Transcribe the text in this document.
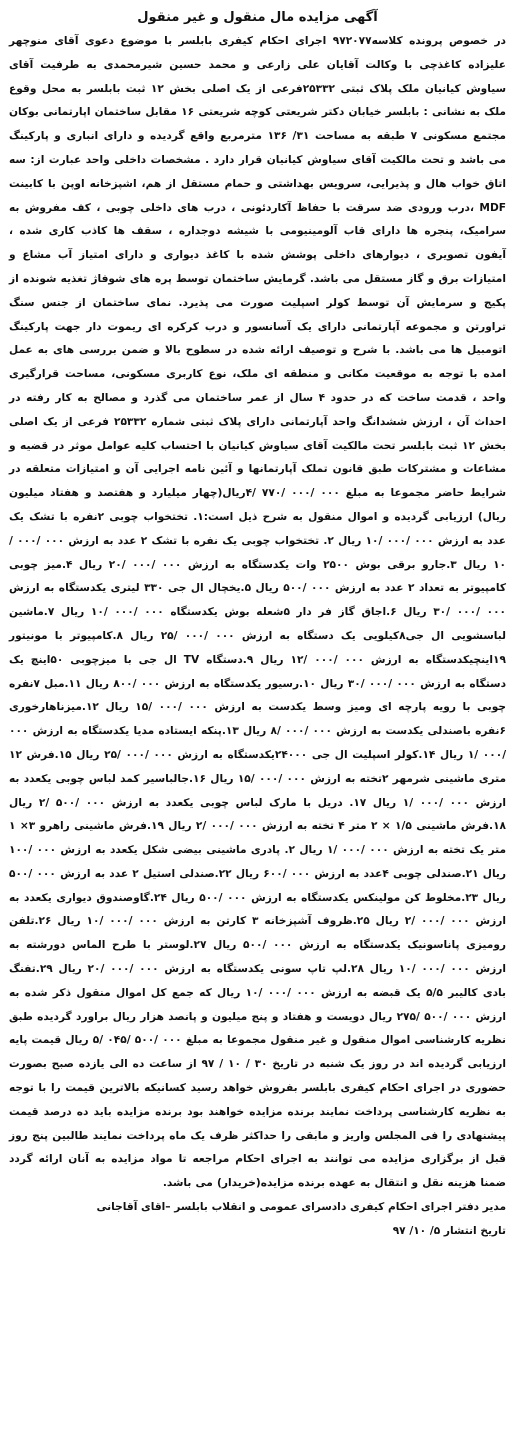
آگهی مزایده مال منقول و غیر منقول
در خصوص پرونده کلاسه۹۷۲۰۷۷ اجرای احکام کیفری بابلسر با موضوع دعوی آقای منوچهر علیزاده کاغذچی با وکالت آقایان علی زارعی و محمد حسین شیرمحمدی به طرفیت آقای سیاوش کیانیان ملک پلاک ثبتی ۲۵۳۳۲فرعی از یک اصلی بخش ۱۲ ثبت بابلسر به محل وقوع ملک به نشانی : بابلسر خیابان دکتر شریعتی کوچه شریعتی ۱۶ مقابل ساختمان اپارتمانی بوکان مجتمع مسکونی ۷ طبقه به مساحت ۳۱/ ۱۳۶ مترمربع واقع گردیده و دارای انباری و پارکینگ می باشد و تحت مالکیت آقای سیاوش کیانیان قرار دارد . مشخصات داخلی واحد عبارت از: سه اتاق خواب هال و پذیرایی، سرویس بهداشتی و حمام مستقل از هم، اشپزخانه اوپن با کابینت MDF ،درب ورودی ضد سرقت با حفاظ آکاردئونی ، درب های داخلی چوبی ، کف مفروش به سرامیک، پنجره ها دارای قاب آلومینیومی با شیشه دوجداره ، سقف ها کاذب کاری شده ، آیفون تصویری ، دیوارهای داخلی پوشش شده با کاغذ دیواری و دارای امتیاز آب مشاع و امتیازات برق و گاز مستقل می باشد. گرمایش ساختمان توسط پره های شوفاژ تغذیه شونده از پکیج و سرمایش آن توسط کولر اسپلیت صورت می پذیرد. نمای ساختمان از جنس سنگ تراورتن و مجموعه آپارتمانی دارای یک آسانسور و درب کرکره ای ریموت دار جهت پارکینگ اتومبیل ها می باشد. با شرح و توصیف ارائه شده در سطوح بالا و ضمن بررسی های به عمل امده با توجه به موقعیت مکانی و منطقه ای ملک، نوع کاربری مسکونی، مساحت قرارگیری واحد ، قدمت ساخت که در حدود ۴ سال از عمر ساختمان می گذرد و مصالح به کار رفته در احداث آن ، ارزش ششدانگ واحد آپارتمانی دارای پلاک ثبتی شماره ۲۵۳۳۲ فرعی از یک اصلی بخش ۱۲ ثبت بابلسر تحت مالکیت آقای سیاوش کیانیان با احتساب کلیه عوامل موثر در قضیه و مشاعات و مشترکات طبق قانون تملک آپارتمانها و آئین نامه اجرایی آن و امتیازات متعلقه در شرایط حاضر مجموعا به مبلغ ۰۰۰ /۰۰۰ /۷۷۰ /۴ریال(چهار میلیارد و هفتصد و هفتاد میلیون ریال) ارزیابی گردیده و اموال منقول به شرح ذیل است:۱. تختخواب چوبی ۲نفره با تشک یک عدد به ارزش ۰۰۰ /۰۰۰ /۱۰ ریال ۲. تختخواب چوبی یک نفره با تشک ۲ عدد به ارزش ۰۰۰ /۰۰۰ /۱۰ ریال ۳.جارو برقی بوش ۲۵۰۰ وات یکدستگاه به ارزش ۰۰۰ /۰۰۰ /۲۰ ریال ۴.میز چوبی کامپیوتر به تعداد ۲ عدد به ارزش ۰۰۰ /۵۰۰ ریال ۵.یخچال ال جی ۳۳۰ لیتری یکدستگاه به ارزش ۰۰۰ /۰۰۰ /۳۰ ریال ۶.اجاق گاز فر دار ۵شعله بوش یکدستگاه ۰۰۰ /۰۰۰ /۱۰ ریال ۷.ماشین لباسشویی ال جی۸کیلویی یک دستگاه به ارزش ۰۰۰ /۰۰۰ /۲۵ ریال ۸.کامپیوتر با مونیتور ۱۹اینچیکدستگاه به ارزش ۰۰۰ /۰۰۰ /۱۲ ریال ۹.دستگاه TV ال جی با میزچوبی ۵۰اینچ یک دستگاه به ارزش ۰۰۰ /۰۰۰ /۳۰ ریال ۱۰.رسیور یکدستگاه به ارزش ۰۰۰ /۸۰۰ ریال ۱۱.مبل ۷نفره چوبی با رویه پارچه ای ومیز وسط یکدست به ارزش ۰۰۰ /۰۰۰ /۱۵ ریال ۱۲.میزناهارخوری ۶نفره باصندلی یکدست به ارزش ۰۰۰ /۰۰۰ /۸ ریال ۱۳.پنکه ایستاده مدیا یکدستگاه به ارزش ۰۰۰ /۰۰۰ /۱ ریال ۱۴.کولر اسپلیت ال جی ۲۴۰۰۰یکدستگاه به ارزش ۰۰۰ /۰۰۰ /۲۵ ریال ۱۵.فرش ۱۲ متری ماشینی شرمهر ۲تخته به ارزش ۰۰۰ /۰۰۰ /۱۵ ریال ۱۶.جالباسیر کمد لباس چوبی یکعدد به ارزش ۰۰۰ /۰۰۰ /۱ ریال ۱۷. دریل با مارک لباس چوبی یکعدد به ارزش ۰۰۰ /۵۰۰ /۲ ریال ۱۸.فرش ماشینی ۱/۵ × ۲ متر ۴ تخته به ارزش ۰۰۰ /۰۰۰ /۲ ریال ۱۹.فرش ماشینی راهرو ۳× ۱ متر یک تخته به ارزش ۰۰۰ /۰۰۰ /۱ ریال ۲. پادری ماشینی بیضی شکل یکعدد به ارزش ۰۰۰ /۱۰۰ ریال ۲۱.صندلی چوبی ۴عدد به ارزش ۰۰۰ /۶۰۰ ریال ۲۲.صندلی استیل ۲ عدد به ارزش ۰۰۰ /۵۰۰ ریال ۲۳.مخلوط کن مولینکس یکدستگاه به ارزش ۰۰۰ /۵۰۰ ریال ۲۴.گاوصندوق دیواری یکعدد به ارزش ۰۰۰ /۰۰۰ /۲ ریال ۲۵.ظروف آشپزخانه ۳ کارتن به ارزش ۰۰۰ /۰۰۰ /۱۰ ریال ۲۶.تلفن رومیزی پاناسونیک یکدستگاه به ارزش ۰۰۰ /۵۰۰ ریال ۲۷.لوستر با طرح الماس دورشته به ارزش ۰۰۰ /۰۰۰ /۱۰ ریال ۲۸.لپ تاپ سونی یکدستگاه به ارزش ۰۰۰ /۰۰۰ /۲۰ ریال ۲۹.تفنگ بادی کالیبر ۵/۵ یک قبضه به ارزش ۰۰۰ /۰۰۰ /۱۰ ریال که جمع کل اموال منقول ذکر شده به ارزش ۰۰۰ /۵۰۰ /۲۷۵ ریال دویست و هفتاد و پنج میلیون و پانصد هزار ریال براورد گردیده طبق نظریه کارشناسی اموال منقول و غیر منقول مجموعا به مبلغ ۰۰۰ /۵۰۰ /۰۴۵ /۵ ریال قیمت پایه ارزیابی گردیده اند در روز یک شنبه در تاریخ ۳۰ / ۱۰ / ۹۷ از ساعت ده الی یازده صبح بصورت حضوری در اجرای احکام کیفری بابلسر بفروش خواهد رسید کسانیکه بالاترین قیمت را با توجه به نظریه کارشناسی پرداخت نمایند برنده مزایده خواهند بود برنده مزایده باید ده درصد قیمت پیشنهادی را فی المجلس واریز و مابقی را حداکثر ظرف یک ماه پرداخت نمایند طالبین پنج روز قبل از برگزاری مزایده می توانند به اجرای احکام مراجعه تا مواد مزایده به آنان ارائه گردد ضمنا هزینه نقل و انتقال به عهده برنده مزایده(خریدار) می باشد.
مدیر دفتر اجرای احکام کیفری دادسرای عمومی و انقلاب بابلسر –اقای آقاجانی
تاریخ انتشار ۵/ ۱۰/ ۹۷
